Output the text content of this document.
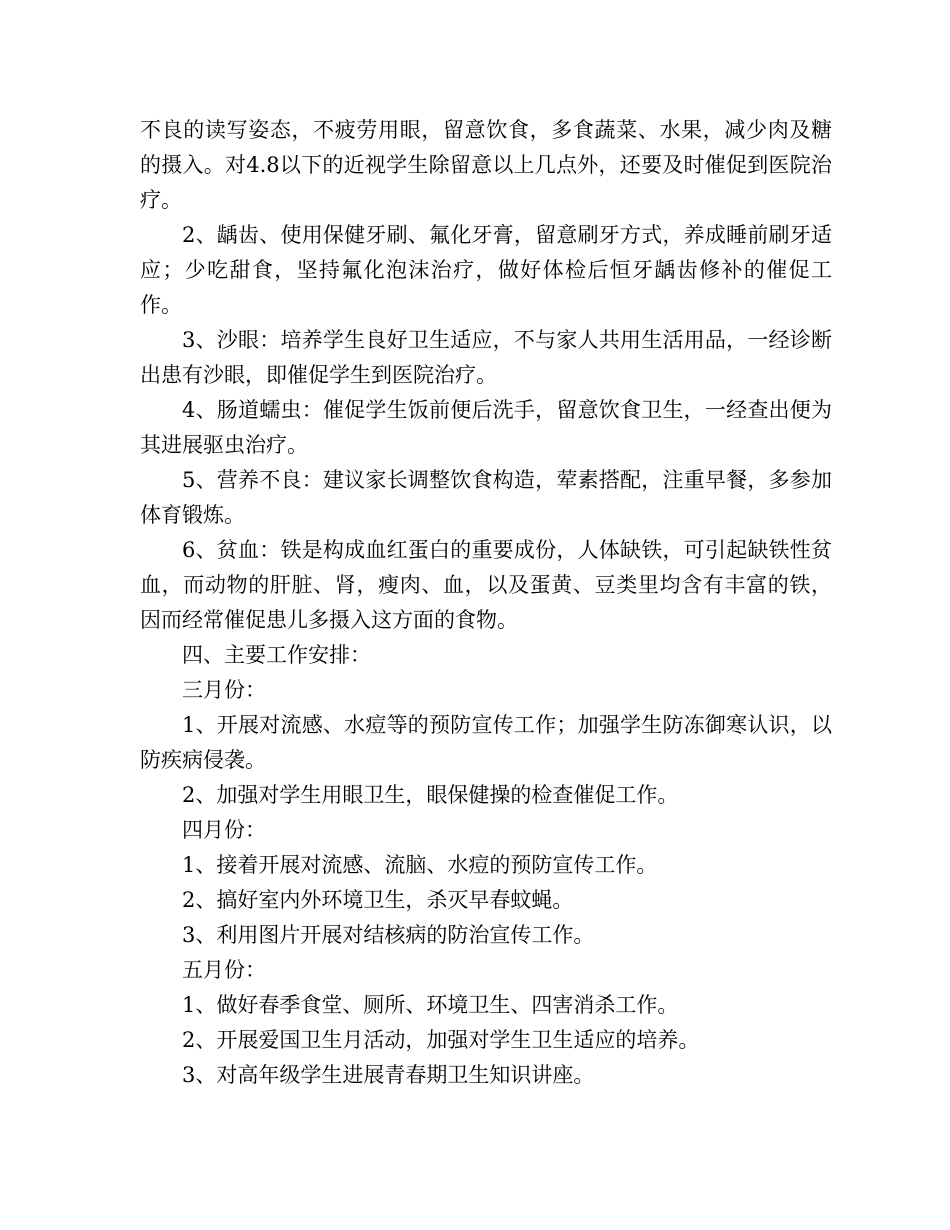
不良的读写姿态，不疲劳用眼，留意饮食，多食蔬菜、水果，减少肉及糖的摄入。对4.8以下的近视学生除留意以上几点外，还要及时催促到医院治疗。

2、龋齿、使用保健牙刷、氟化牙膏，留意刷牙方式，养成睡前刷牙适应；少吃甜食，坚持氟化泡沫治疗，做好体检后恒牙龋齿修补的催促工作。

3、沙眼：培养学生良好卫生适应，不与家人共用生活用品，一经诊断出患有沙眼，即催促学生到医院治疗。

4、肠道蠕虫：催促学生饭前便后洗手，留意饮食卫生，一经查出便为其进展驱虫治疗。

5、营养不良：建议家长调整饮食构造，荤素搭配，注重早餐，多参加体育锻炼。

6、贫血：铁是构成血红蛋白的重要成份，人体缺铁，可引起缺铁性贫血，而动物的肝脏、肾，瘦肉、血，以及蛋黄、豆类里均含有丰富的铁，因而经常催促患儿多摄入这方面的食物。

四、主要工作安排：

三月份：

1、开展对流感、水痘等的预防宣传工作；加强学生防冻御寒认识，以防疾病侵袭。

2、加强对学生用眼卫生，眼保健操的检查催促工作。

四月份：

1、接着开展对流感、流脑、水痘的预防宣传工作。

2、搞好室内外环境卫生，杀灭早春蚊蝇。

3、利用图片开展对结核病的防治宣传工作。

五月份：

1、做好春季食堂、厕所、环境卫生、四害消杀工作。

2、开展爱国卫生月活动，加强对学生卫生适应的培养。

3、对高年级学生进展青春期卫生知识讲座。
